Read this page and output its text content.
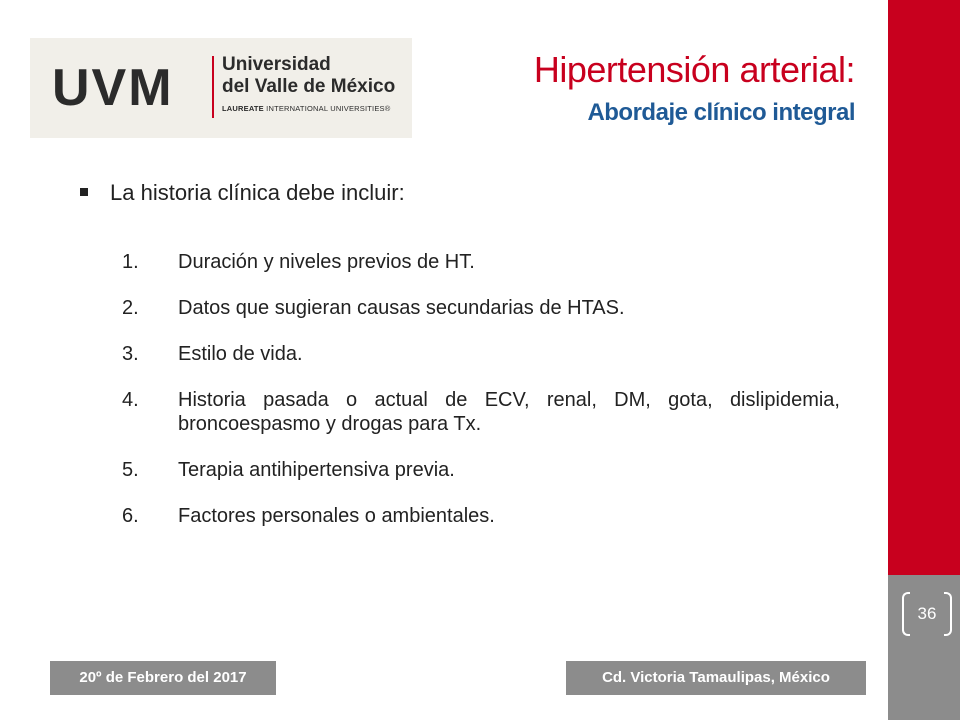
36
UVM	Universidad
del Valle de México
LAUREATE INTERNATIONAL UNIVERSITIES®
Hipertensión arterial:
Abordaje clínico integral
La historia clínica debe incluir:
1.	Duración y niveles previos de HT.
2.	Datos que sugieran causas secundarias de HTAS.
3.	Estilo de vida.
4.	Historia pasada o actual de ECV, renal, DM, gota, dislipidemia, broncoespasmo y drogas para Tx.
5.	Terapia antihipertensiva previa.
6.	Factores personales o ambientales.
20º de Febrero del 2017	Cd. Victoria Tamaulipas, México
